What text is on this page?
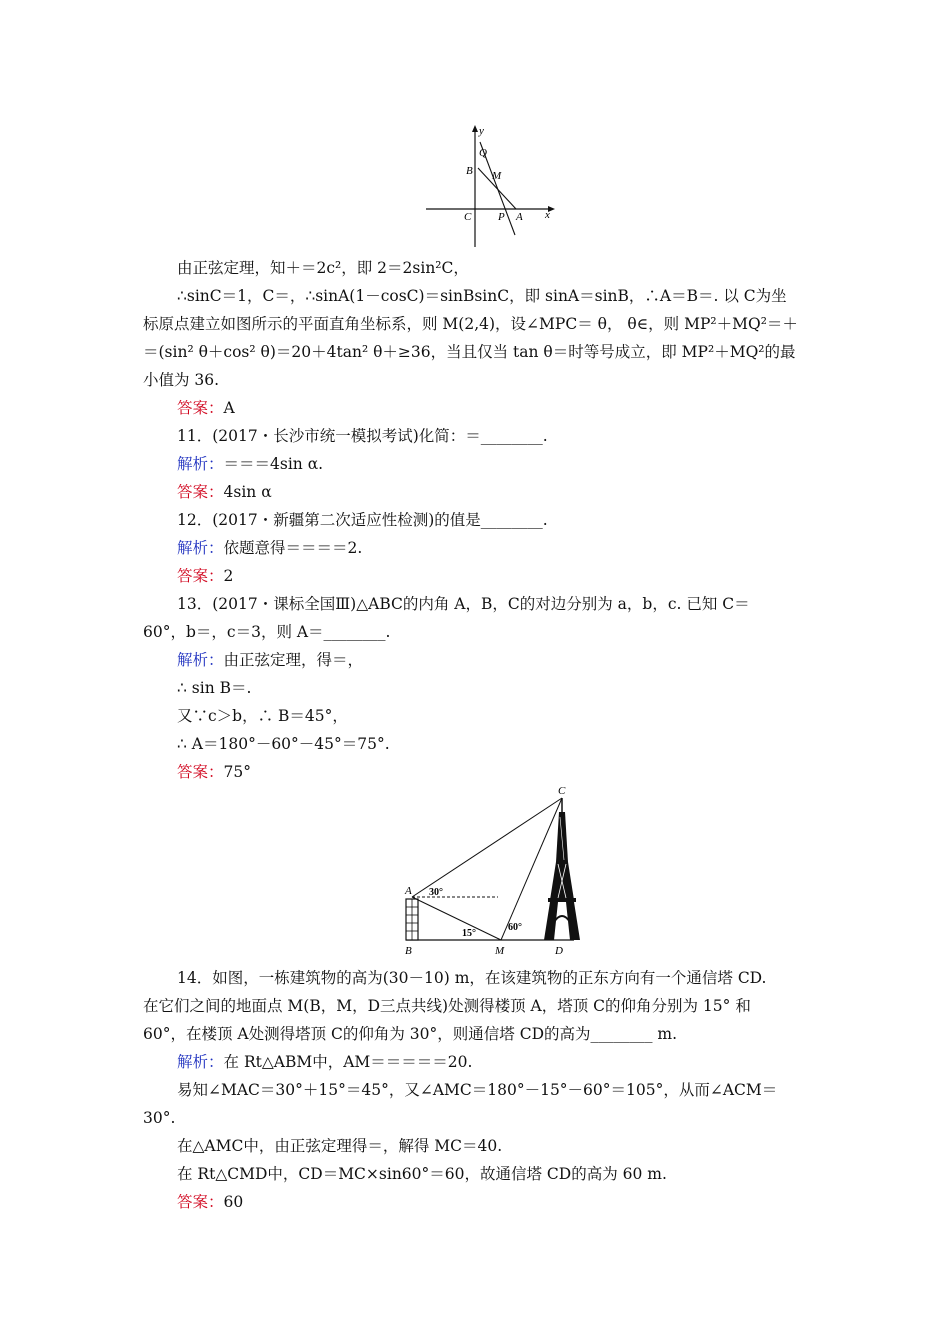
y
Q
B M
C P A x
由正弦定理，知＋＝2c²，即 2＝2sin²C，
∴sinC＝1，C＝，∴sinA(1－cosC)＝sinBsinC，即 sinA＝sinB，∴A＝B＝. 以 C为坐
标原点建立如图所示的平面直角坐标系，则 M(2,4)，设∠MPC＝ θ， θ∈，则 MP²＋MQ²＝＋
＝(sin² θ＋cos² θ)＝20＋4tan² θ＋≥36，当且仅当 tan θ＝时等号成立，即 MP²＋MQ²的最
小值为 36.
答案：A
11．(2017・长沙市统一模拟考试)化简：＝________.
解析：＝＝＝4sin α.
答案：4sin α
12．(2017・新疆第二次适应性检测)的值是________.
解析：依题意得＝＝＝＝2.
答案：2
13．(2017・课标全国Ⅲ)△ABC的内角 A，B，C的对边分别为 a，b，c. 已知 C＝
60°，b＝，c＝3，则 A＝________.
解析：由正弦定理，得＝，
∴ sin B＝.
又∵c＞b，∴ B＝45°，
∴ A＝180°－60°－45°＝75°.
答案：75°
C
A
B	M	D
30°
15°
60°
14．如图，一栋建筑物的高为(30－10) m，在该建筑物的正东方向有一个通信塔 CD.
在它们之间的地面点 M(B，M，D三点共线)处测得楼顶 A，塔顶 C的仰角分别为 15° 和
60°，在楼顶 A处测得塔顶 C的仰角为 30°，则通信塔 CD的高为________ m.
解析：在 Rt△ABM中，AM＝＝＝＝＝20.
易知∠MAC＝30°＋15°＝45°，又∠AMC＝180°－15°－60°＝105°，从而∠ACM＝
30°.
在△AMC中，由正弦定理得＝，解得 MC＝40.
在 Rt△CMD中，CD＝MC×sin60°＝60，故通信塔 CD的高为 60 m.
答案：60
